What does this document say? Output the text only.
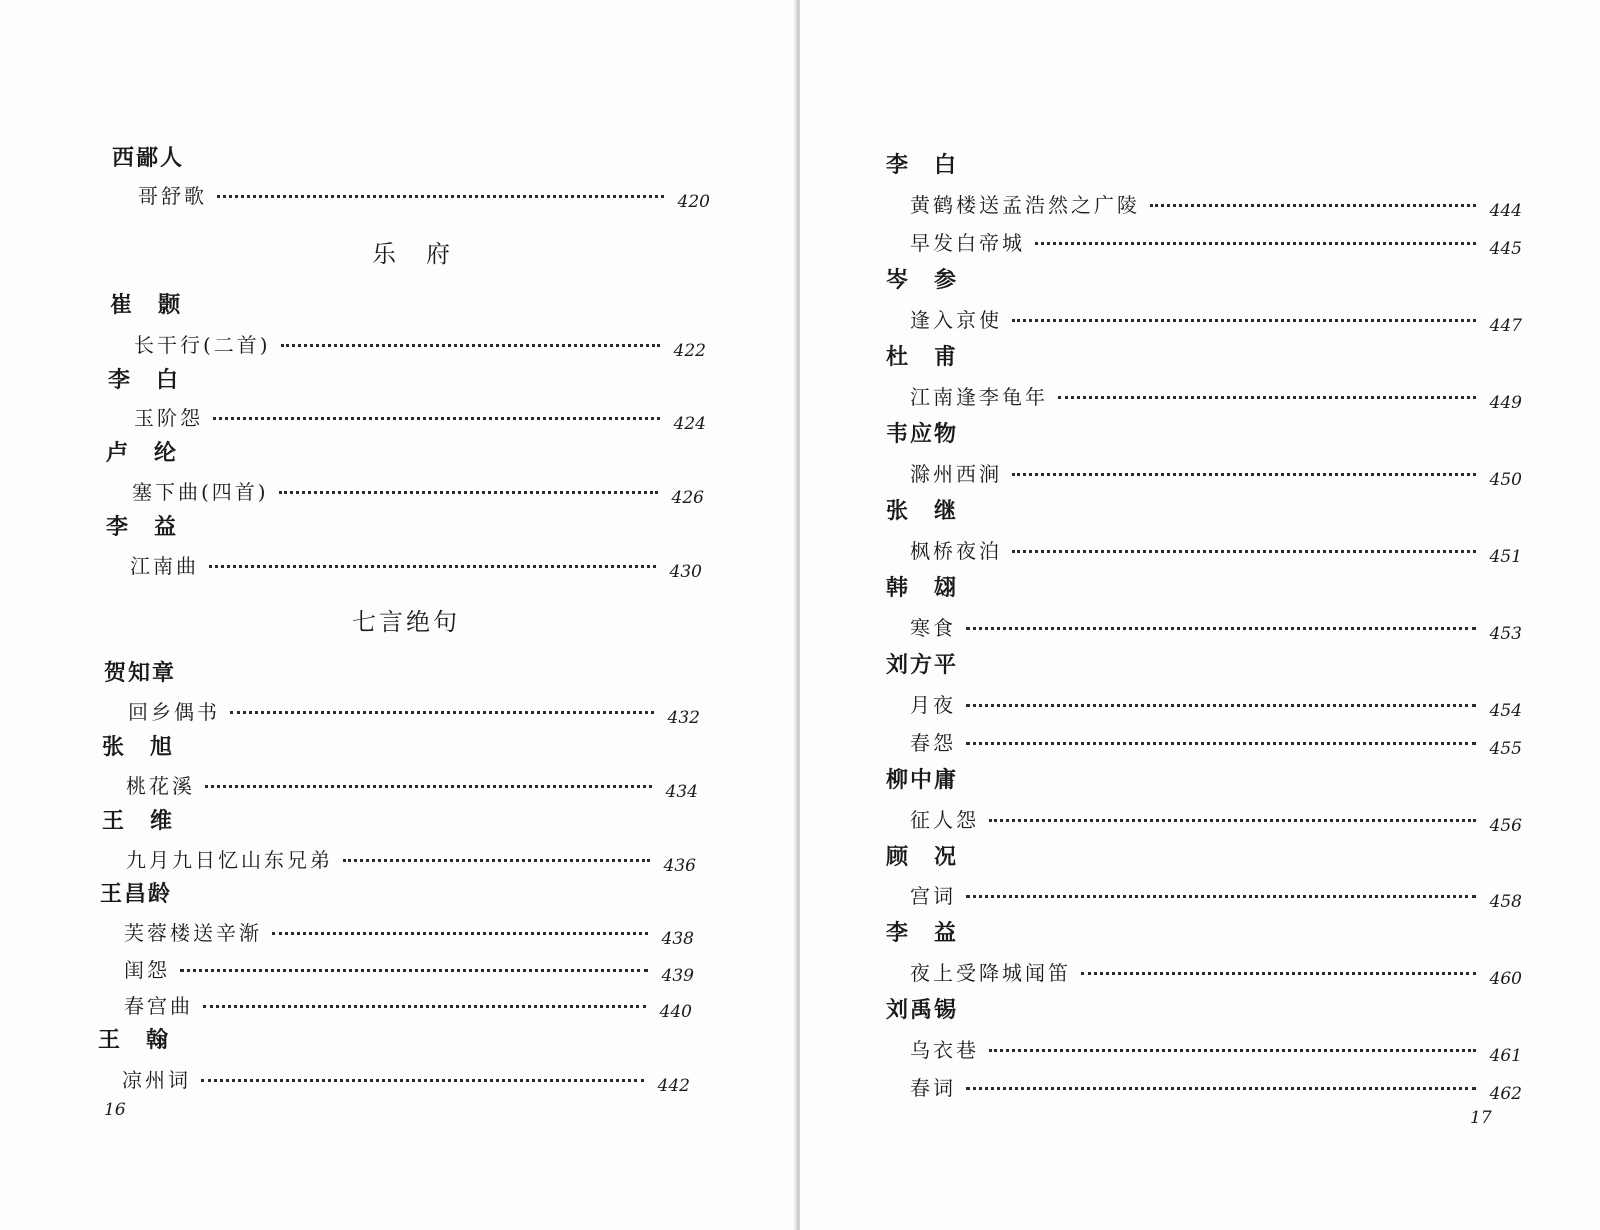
西鄙人
哥舒歌	420
乐　府
崔　颢
长干行(二首)	422
李　白
玉阶怨	424
卢　纶
塞下曲(四首)	426
李　益
江南曲	430
七言绝句
贺知章
回乡偶书	432
张　旭
桃花溪	434
王　维
九月九日忆山东兄弟	436
王昌龄
芙蓉楼送辛渐	438
闺怨	439
春宫曲	440
王　翰
凉州词	442
16
李　白
黄鹤楼送孟浩然之广陵	444
早发白帝城	445
岑　参
逢入京使	447
杜　甫
江南逢李龟年	449
韦应物
滁州西涧	450
张　继
枫桥夜泊	451
韩　翃
寒食	453
刘方平
月夜	454
春怨	455
柳中庸
征人怨	456
顾　况
宫词	458
李　益
夜上受降城闻笛	460
刘禹锡
乌衣巷	461
春词	462
17
